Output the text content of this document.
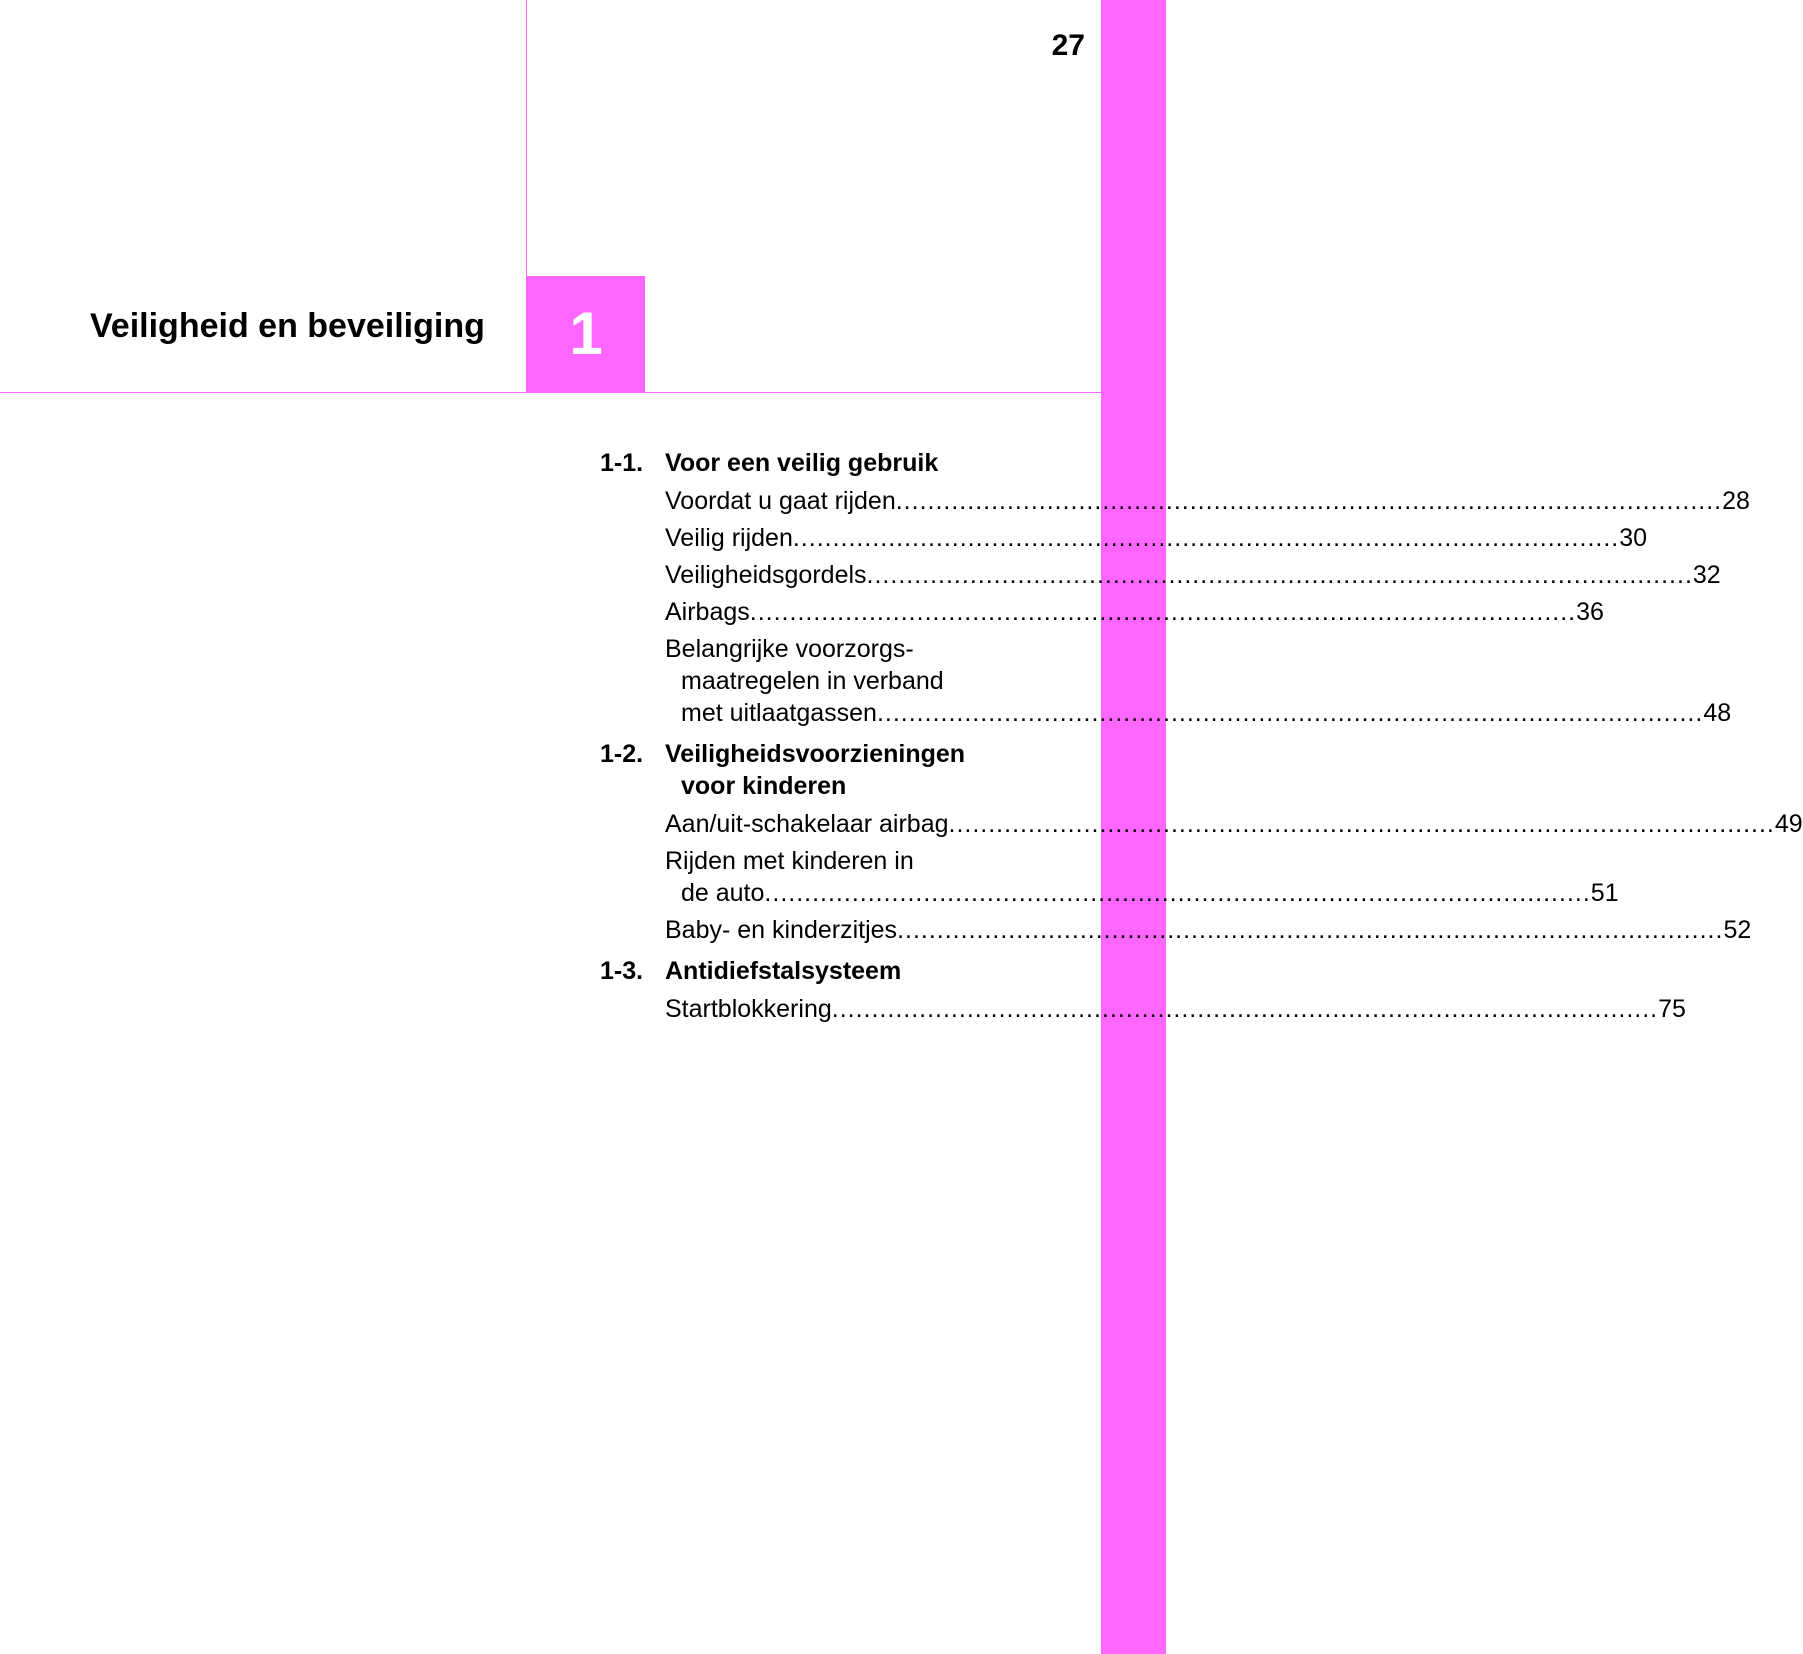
27
Veiligheid en beveiliging 1
1-1. Voor een veilig gebruik
Voordat u gaat rijden .....	28
Veilig rijden .....	30
Veiligheidsgordels .....	32
Airbags .....	36
Belangrijke voorzorgs-
maatregelen in verband
met uitlaatgassen .....	48
1-2. Veiligheidsvoorzieningen
voor kinderen
Aan/uit-schakelaar airbag .....	49
Rijden met kinderen in
de auto .....	51
Baby- en kinderzitjes .....	52
1-3. Antidiefstalsysteem
Startblokkering .....	75
